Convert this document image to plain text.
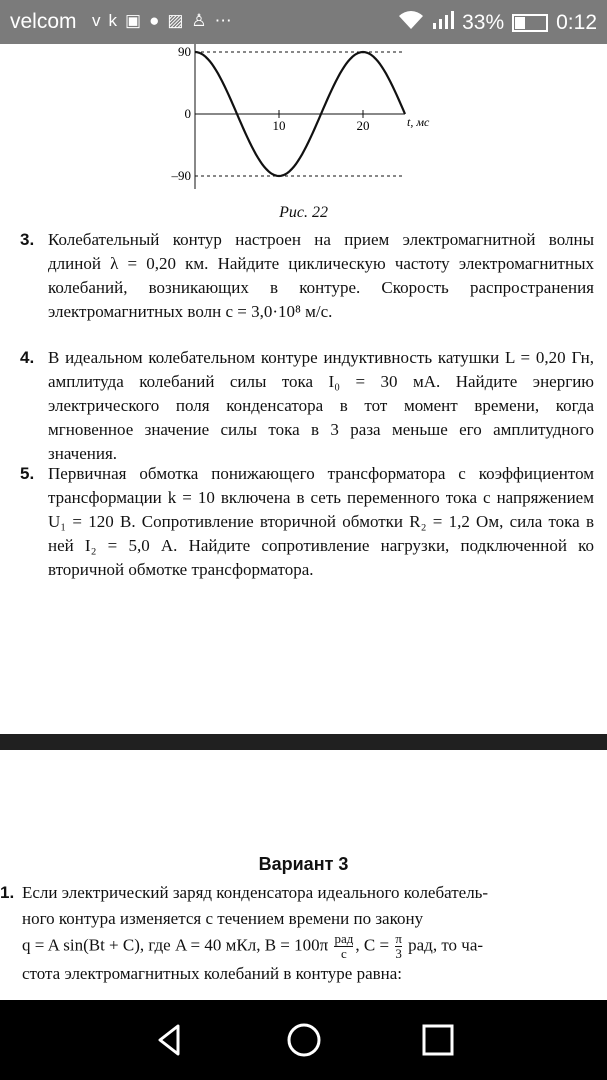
velcom vk▣●▨♙⋯	33% 0:12
90
0
–90
10	20	t, мс
Рис. 22
3. Колебательный контур настроен на прием электромагнитной волны длиной λ = 0,20 км. Найдите циклическую частоту электромагнитных колебаний, возникающих в контуре. Скорость распространения электромагнитных волн c = 3,0·10⁸ м/с.
4. В идеальном колебательном контуре индуктивность катушки L = 0,20 Гн, амплитуда колебаний силы тока I₀ = 30 мА. Найдите энергию электрического поля конденсатора в тот момент времени, когда мгновенное значение силы тока в 3 раза меньше его амплитудного значения.
5. Первичная обмотка понижающего трансформатора с коэффициентом трансформации k = 10 включена в сеть переменного тока с напряжением U₁ = 120 В. Сопротивление вторичной обмотки R₂ = 1,2 Ом, сила тока в ней I₂ = 5,0 А. Найдите сопротивление нагрузки, подключенной ко вторичной обмотке трансформатора.
Вариант 3
1. Если электрический заряд конденсатора идеального колебатель-
ного контура изменяется с течением времени по закону
q = A sin(Bt + C), где A = 40 мКл, $B = 100\pi \frac{\text{рад}}{с}$ , $C = \frac{\pi}{3}$ рад, то ча-
стота электромагнитных колебаний в контуре равна:
